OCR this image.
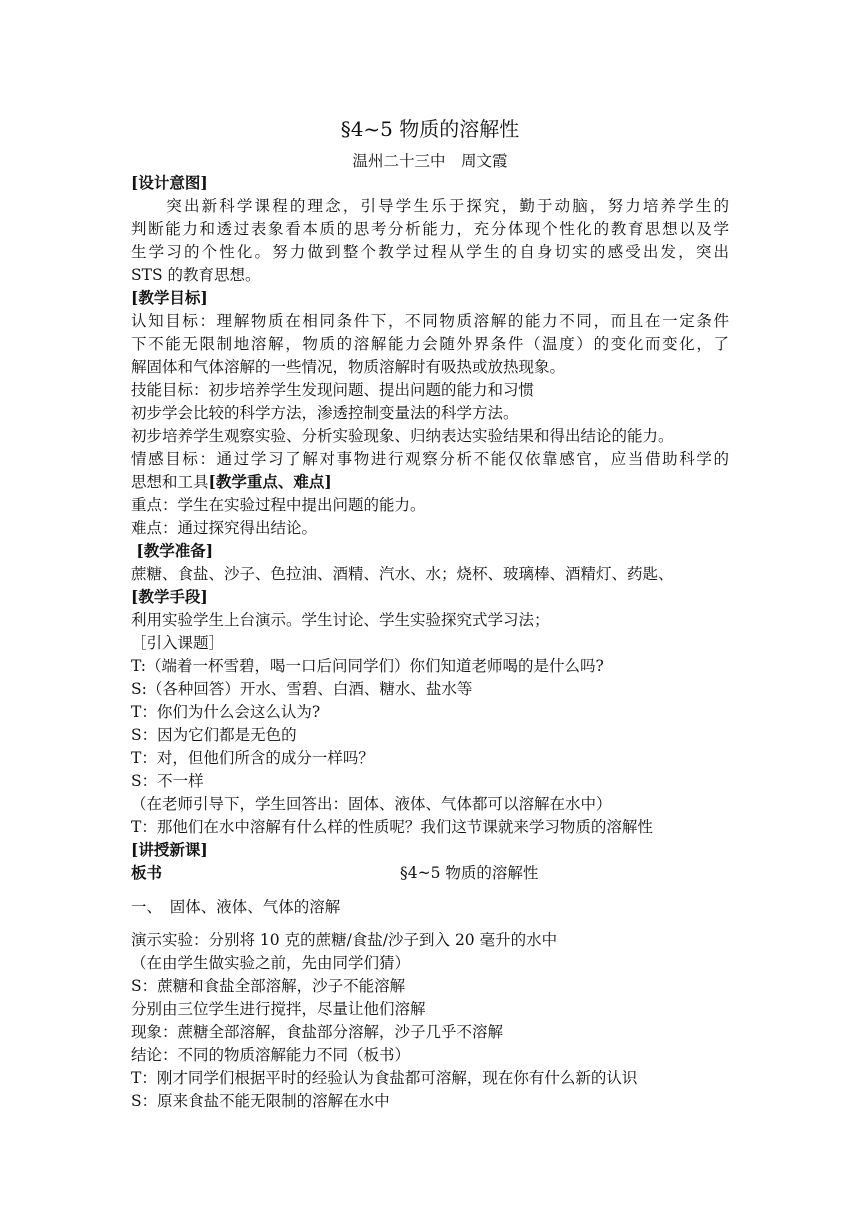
§4~5 物质的溶解性
温州二十三中　周文霞
[设计意图]
　　突出新科学课程的理念，引导学生乐于探究，勤于动脑，努力培养学生的
判断能力和透过表象看本质的思考分析能力，充分体现个性化的教育思想以及学
生学习的个性化。努力做到整个教学过程从学生的自身切实的感受出发，突出
STS 的教育思想。
[教学目标]
认知目标：理解物质在相同条件下，不同物质溶解的能力不同，而且在一定条件
下不能无限制地溶解，物质的溶解能力会随外界条件（温度）的变化而变化，了
解固体和气体溶解的一些情况，物质溶解时有吸热或放热现象。
技能目标：初步培养学生发现问题、提出问题的能力和习惯
初步学会比较的科学方法，渗透控制变量法的科学方法。
初步培养学生观察实验、分析实验现象、归纳表达实验结果和得出结论的能力。
情感目标：通过学习了解对事物进行观察分析不能仅依靠感官，应当借助科学的
思想和工具[教学重点、难点]
重点：学生在实验过程中提出问题的能力。
难点：通过探究得出结论。
[教学准备]
蔗糖、食盐、沙子、色拉油、酒精、汽水、水；烧杯、玻璃棒、酒精灯、药匙、
[教学手段]
利用实验学生上台演示。学生讨论、学生实验探究式学习法；
［引入课题］
T:（端着一杯雪碧，喝一口后问同学们）你们知道老师喝的是什么吗?
S:（各种回答）开水、雪碧、白酒、糖水、盐水等
T：你们为什么会这么认为?
S：因为它们都是无色的
T：对，但他们所含的成分一样吗？
S：不一样
（在老师引导下，学生回答出：固体、液体、气体都可以溶解在水中）
T：那他们在水中溶解有什么样的性质呢？我们这节课就来学习物质的溶解性
[讲授新课]
板书	§4~5 物质的溶解性
一、　固体、液体、气体的溶解
演示实验：分别将 10 克的蔗糖/食盐/沙子到入 20 毫升的水中
（在由学生做实验之前，先由同学们猜）
S：蔗糖和食盐全部溶解，沙子不能溶解
分别由三位学生进行搅拌，尽量让他们溶解
现象：蔗糖全部溶解，食盐部分溶解，沙子几乎不溶解
结论：不同的物质溶解能力不同（板书）
T：刚才同学们根据平时的经验认为食盐都可溶解，现在你有什么新的认识
S：原来食盐不能无限制的溶解在水中
